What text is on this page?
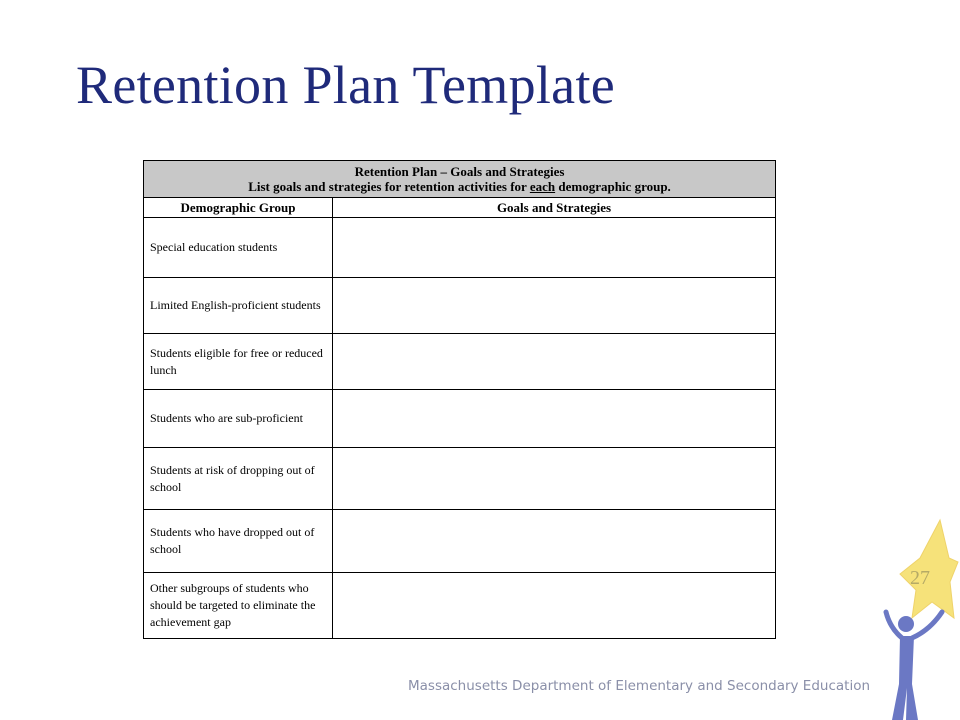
Retention Plan Template
Retention Plan – Goals and Strategies
List goals and strategies for retention activities for each demographic group.	

Demographic Group	Goals and Strategies
Special education students	
Limited English-proficient students	
Students eligible for free or reduced lunch	
Students who are sub-proficient	
Students at risk of dropping out of school	
Students who have dropped out of school	
Other subgroups of students who should be targeted to eliminate the achievement gap	
27
Massachusetts Department of Elementary and Secondary Education
